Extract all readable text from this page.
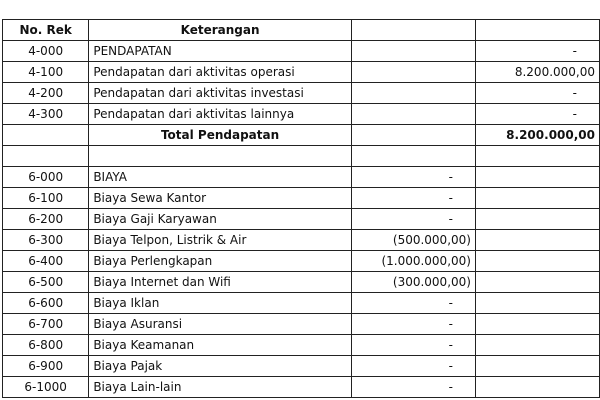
No. Rek	Keterangan		
4-000	PENDAPATAN		-
4-100	Pendapatan dari aktivitas operasi		8.200.000,00
4-200	Pendapatan dari aktivitas investasi		-
4-300	Pendapatan dari aktivitas lainnya		-
	Total Pendapatan		8.200.000,00

6-000	BIAYA	-	
6-100	Biaya Sewa Kantor	-	
6-200	Biaya Gaji Karyawan	-	
6-300	Biaya Telpon, Listrik & Air	(500.000,00)	
6-400	Biaya Perlengkapan	(1.000.000,00)	
6-500	Biaya Internet dan Wifi	(300.000,00)	
6-600	Biaya Iklan	-	
6-700	Biaya Asuransi	-	
6-800	Biaya Keamanan	-	
6-900	Biaya Pajak	-	
6-1000	Biaya Lain-lain	-	
